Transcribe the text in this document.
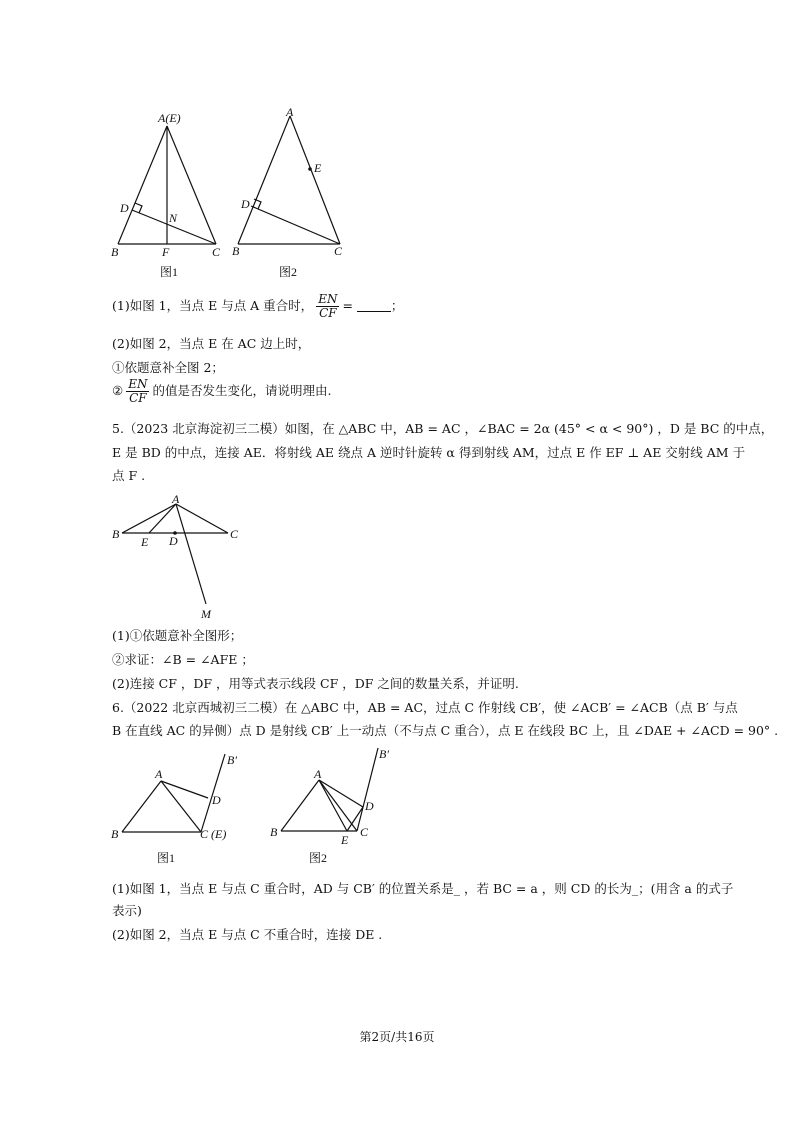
A(E)
D
N
B	F	C
图1
A
E
D
B	C
图2
(1)如图 1，当点 E 与点 A 重合时， $\frac{EN}{CF}$ =	；
(2)如图 2，当点 E 在 AC 边上时，
①依题意补全图 2；
② $\frac{EN}{CF}$ 的值是否发生变化，请说明理由.
5.（2023 北京海淀初三二模）如图，在 △ABC 中，AB = AC ，∠BAC = 2α (45° < α < 90°) ，D 是 BC 的中点，
E 是 BD 的中点，连接 AE．将射线 AE 绕点 A 逆时针旋转 α 得到射线 AM，过点 E 作 EF ⊥ AE 交射线 AM 于
点 F .
A
B
E D	C
M
(1)①依题意补全图形；
②求证：∠B = ∠AFE ；
(2)连接 CF ，DF ，用等式表示线段 CF ，DF 之间的数量关系，并证明.
6.（2022 北京西城初三二模）在 △ABC 中，AB = AC，过点 C 作射线 CB′，使 ∠ACB′ = ∠ACB（点 B′ 与点
B 在直线 AC 的异侧）点 D 是射线 CB′ 上一动点（不与点 C 重合），点 E 在线段 BC 上，且 ∠DAE + ∠ACD = 90° .
B′
A
D
B	C (E)
图1
B′
A
D
B
E
C
图2
(1)如图 1，当点 E 与点 C 重合时，AD 与 CB′ 的位置关系是_ ，若 BC = a ，则 CD 的长为_；(用含 a 的式子
表示)
(2)如图 2，当点 E 与点 C 不重合时，连接 DE .
第2页/共16页
